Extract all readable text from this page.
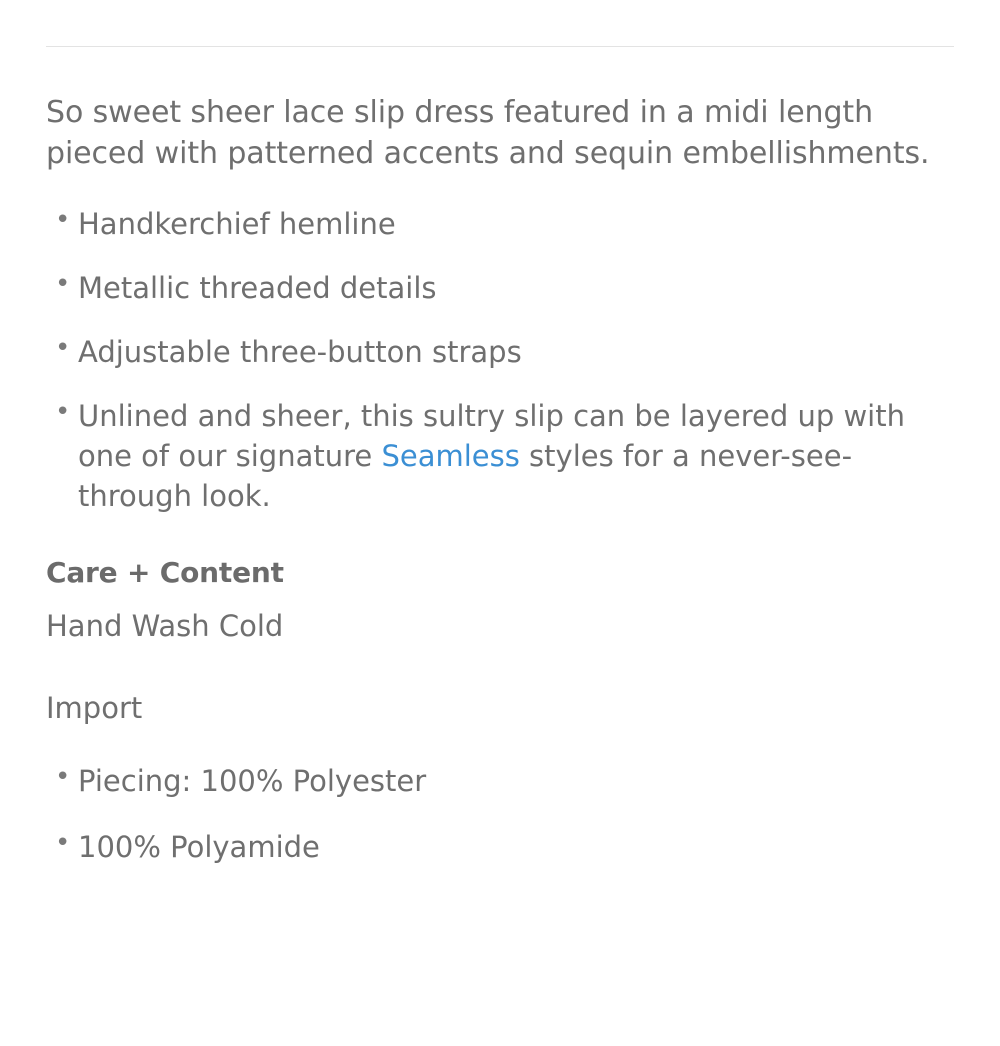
So sweet sheer lace slip dress featured in a midi length pieced with patterned accents and sequin embellishments.

• Handkerchief hemline
• Metallic threaded details
• Adjustable three-button straps
• Unlined and sheer, this sultry slip can be layered up with one of our signature Seamless styles for a never-see-through look.
Care + Content
Hand Wash Cold
Import
• Piecing: 100% Polyester
• 100% Polyamide
